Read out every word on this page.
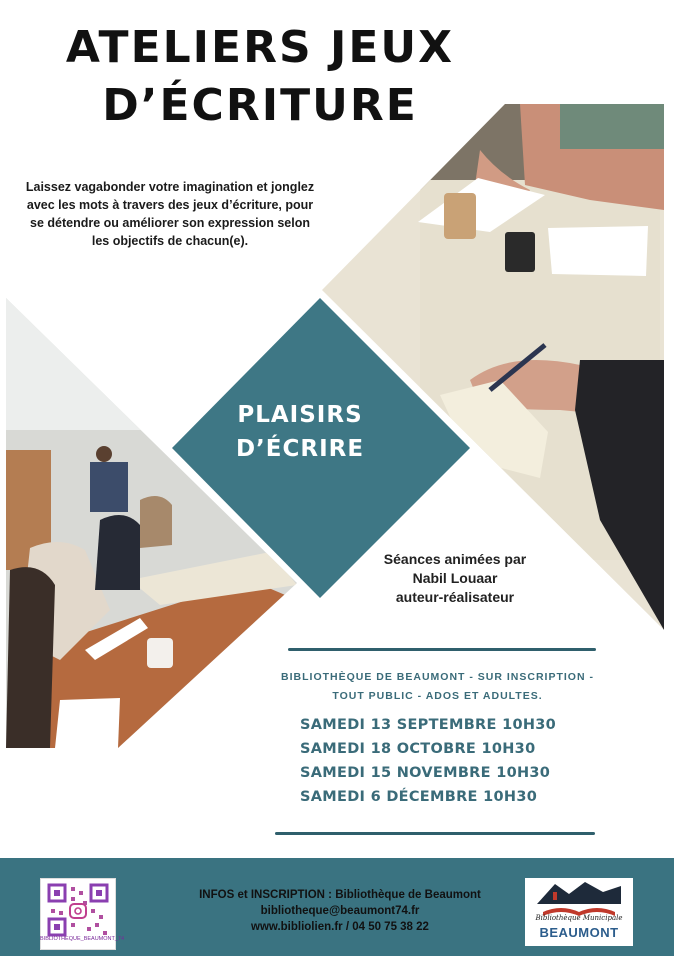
ATELIERS JEUX
D’ÉCRITURE
Laissez vagabonder votre imagination et jonglez avec les mots à travers des jeux d’écriture, pour se détendre ou améliorer son expression selon les objectifs de chacun(e).
PLAISIRS
D’ÉCRIRE
Séances animées par
Nabil Louaar
auteur-réalisateur
BIBLIOTHÈQUE DE BEAUMONT - SUR INSCRIPTION -
TOUT PUBLIC - ADOS ET ADULTES.
SAMEDI 13 SEPTEMBRE 10H30
SAMEDI 18 OCTOBRE 10H30
SAMEDI 15 NOVEMBRE 10H30
SAMEDI 6 DÉCEMBRE 10H30
BIBLIOTHEQUE_BEAUMONT_74
INFOS et INSCRIPTION : Bibliothèque de Beaumont
bibliotheque@beaumont74.fr
www.bibliolien.fr / 04 50 75 38 22
Bibliothèque Municipale
BEAUMONT
